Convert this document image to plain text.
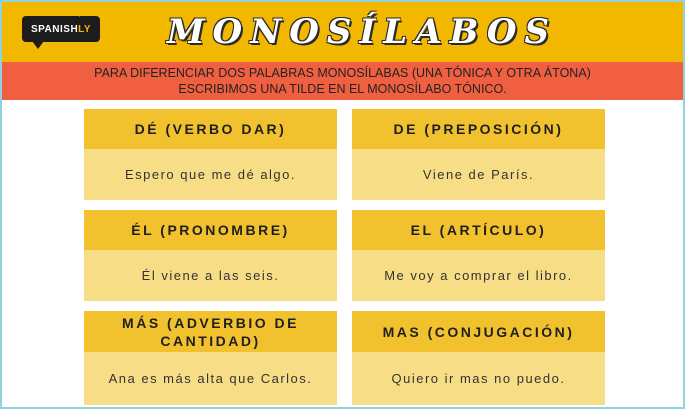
✦
SPANISH LY	MONOSÍLABOS
PARA DIFERENCIAR DOS PALABRAS MONOSÍLABAS (UNA TÓNICA Y OTRA ÁTONA)
ESCRIBIMOS UNA TILDE EN EL MONOSÍLABO TÓNICO.
DÉ (VERBO DAR)
Espero que me dé algo.
DE (PREPOSICIÓN)
Viene de París.
ÉL (PRONOMBRE)
Él viene a las seis.
EL (ARTÍCULO)
Me voy a comprar el libro.
MÁS (ADVERBIO DE CANTIDAD)
Ana es más alta que Carlos.
MAS (CONJUGACIÓN)
Quiero ir mas no puedo.
